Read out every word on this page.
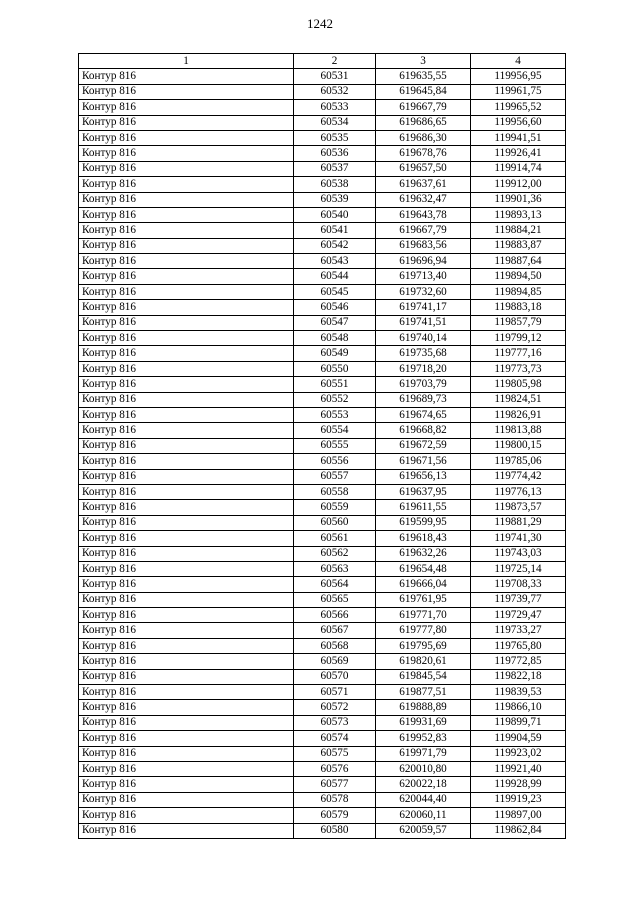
1242
1	2	3	4
Контур 816	60531	619635,55	119956,95
Контур 816	60532	619645,84	119961,75
Контур 816	60533	619667,79	119965,52
Контур 816	60534	619686,65	119956,60
Контур 816	60535	619686,30	119941,51
Контур 816	60536	619678,76	119926,41
Контур 816	60537	619657,50	119914,74
Контур 816	60538	619637,61	119912,00
Контур 816	60539	619632,47	119901,36
Контур 816	60540	619643,78	119893,13
Контур 816	60541	619667,79	119884,21
Контур 816	60542	619683,56	119883,87
Контур 816	60543	619696,94	119887,64
Контур 816	60544	619713,40	119894,50
Контур 816	60545	619732,60	119894,85
Контур 816	60546	619741,17	119883,18
Контур 816	60547	619741,51	119857,79
Контур 816	60548	619740,14	119799,12
Контур 816	60549	619735,68	119777,16
Контур 816	60550	619718,20	119773,73
Контур 816	60551	619703,79	119805,98
Контур 816	60552	619689,73	119824,51
Контур 816	60553	619674,65	119826,91
Контур 816	60554	619668,82	119813,88
Контур 816	60555	619672,59	119800,15
Контур 816	60556	619671,56	119785,06
Контур 816	60557	619656,13	119774,42
Контур 816	60558	619637,95	119776,13
Контур 816	60559	619611,55	119873,57
Контур 816	60560	619599,95	119881,29
Контур 816	60561	619618,43	119741,30
Контур 816	60562	619632,26	119743,03
Контур 816	60563	619654,48	119725,14
Контур 816	60564	619666,04	119708,33
Контур 816	60565	619761,95	119739,77
Контур 816	60566	619771,70	119729,47
Контур 816	60567	619777,80	119733,27
Контур 816	60568	619795,69	119765,80
Контур 816	60569	619820,61	119772,85
Контур 816	60570	619845,54	119822,18
Контур 816	60571	619877,51	119839,53
Контур 816	60572	619888,89	119866,10
Контур 816	60573	619931,69	119899,71
Контур 816	60574	619952,83	119904,59
Контур 816	60575	619971,79	119923,02
Контур 816	60576	620010,80	119921,40
Контур 816	60577	620022,18	119928,99
Контур 816	60578	620044,40	119919,23
Контур 816	60579	620060,11	119897,00
Контур 816	60580	620059,57	119862,84
